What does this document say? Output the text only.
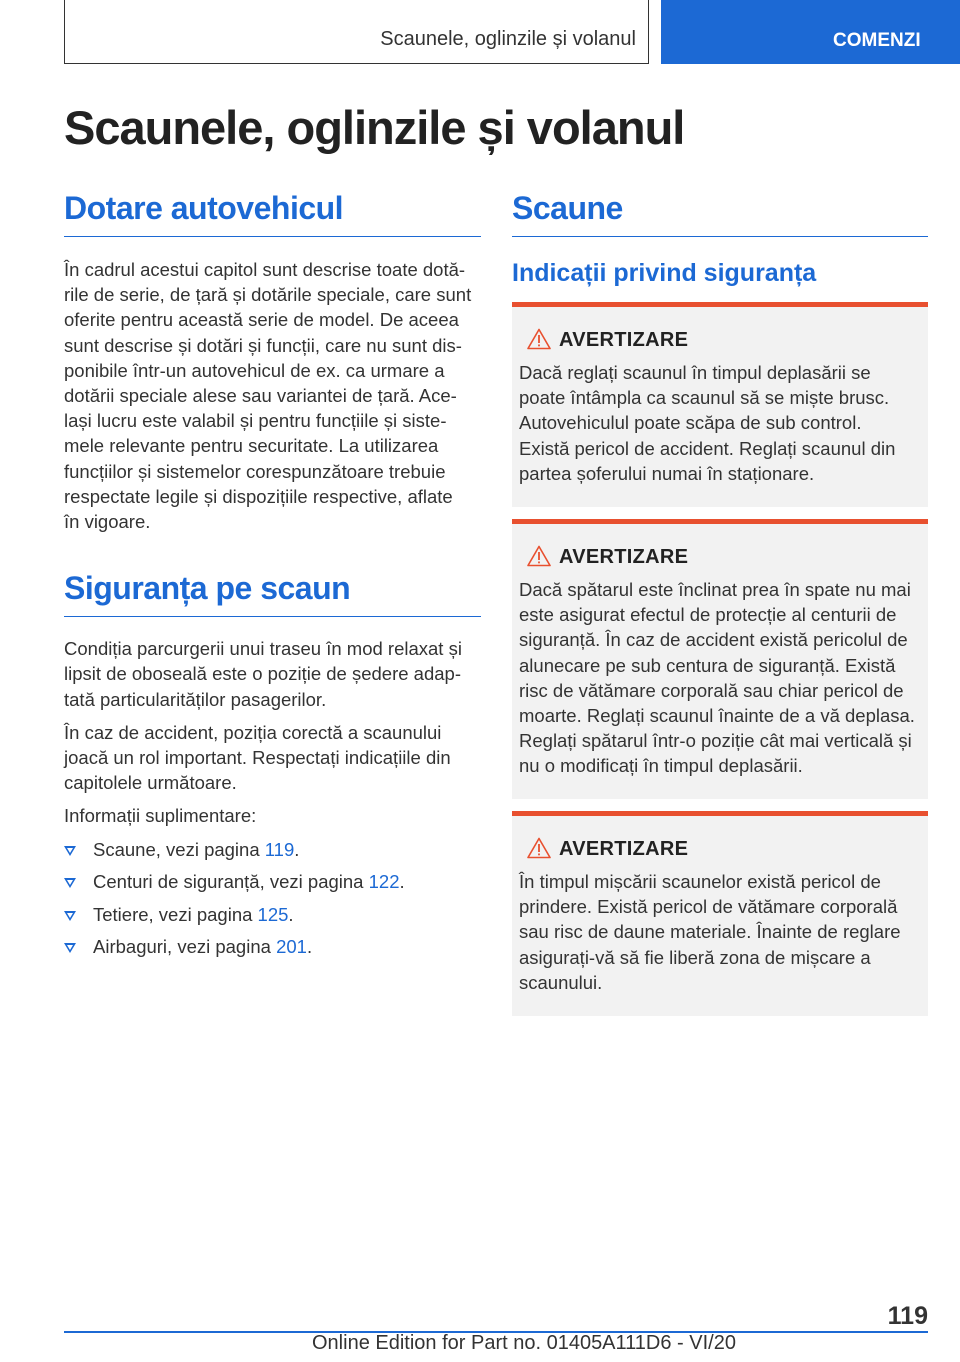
Scaunele, oglinzile și volanul	COMENZI
Scaunele, oglinzile și volanul
Dotare autovehicul
În cadrul acestui capitol sunt descrise toate dotă‐
rile de serie, de țară și dotările speciale, care sunt
oferite pentru această serie de model. De aceea
sunt descrise și dotări și funcții, care nu sunt dis‐
ponibile într-un autovehicul de ex. ca urmare a
dotării speciale alese sau variantei de țară. Ace‐
lași lucru este valabil și pentru funcțiile și siste‐
mele relevante pentru securitate. La utilizarea
funcțiilor și sistemelor corespunzătoare trebuie
respectate legile și dispozițiile respective, aflate
în vigoare.
Siguranța pe scaun
Condiția parcurgerii unui traseu în mod relaxat și
lipsit de oboseală este o poziție de ședere adap‐
tată particularităților pasagerilor.
În caz de accident, poziția corectă a scaunului
joacă un rol important. Respectați indicațiile din
capitolele următoare.
Informații suplimentare:
Scaune, vezi pagina 119.
Centuri de siguranță, vezi pagina 122.
Tetiere, vezi pagina 125.
Airbaguri, vezi pagina 201.
Scaune
Indicații privind siguranța
AVERTIZARE
Dacă reglați scaunul în timpul deplasării se
poate întâmpla ca scaunul să se miște brusc.
Autovehiculul poate scăpa de sub control.
Există pericol de accident. Reglați scaunul din
partea șoferului numai în staționare.
AVERTIZARE
Dacă spătarul este înclinat prea în spate nu mai
este asigurat efectul de protecție al centurii de
siguranță. În caz de accident există pericolul de
alunecare pe sub centura de siguranță. Există
risc de vătămare corporală sau chiar pericol de
moarte. Reglați scaunul înainte de a vă deplasa.
Reglați spătarul într-o poziție cât mai verticală și
nu o modificați în timpul deplasării.
AVERTIZARE
În timpul mișcării scaunelor există pericol de
prindere. Există pericol de vătămare corporală
sau risc de daune materiale. Înainte de reglare
asigurați-vă să fie liberă zona de mișcare a
scaunului.
119
Online Edition for Part no. 01405A111D6 - VI/20
